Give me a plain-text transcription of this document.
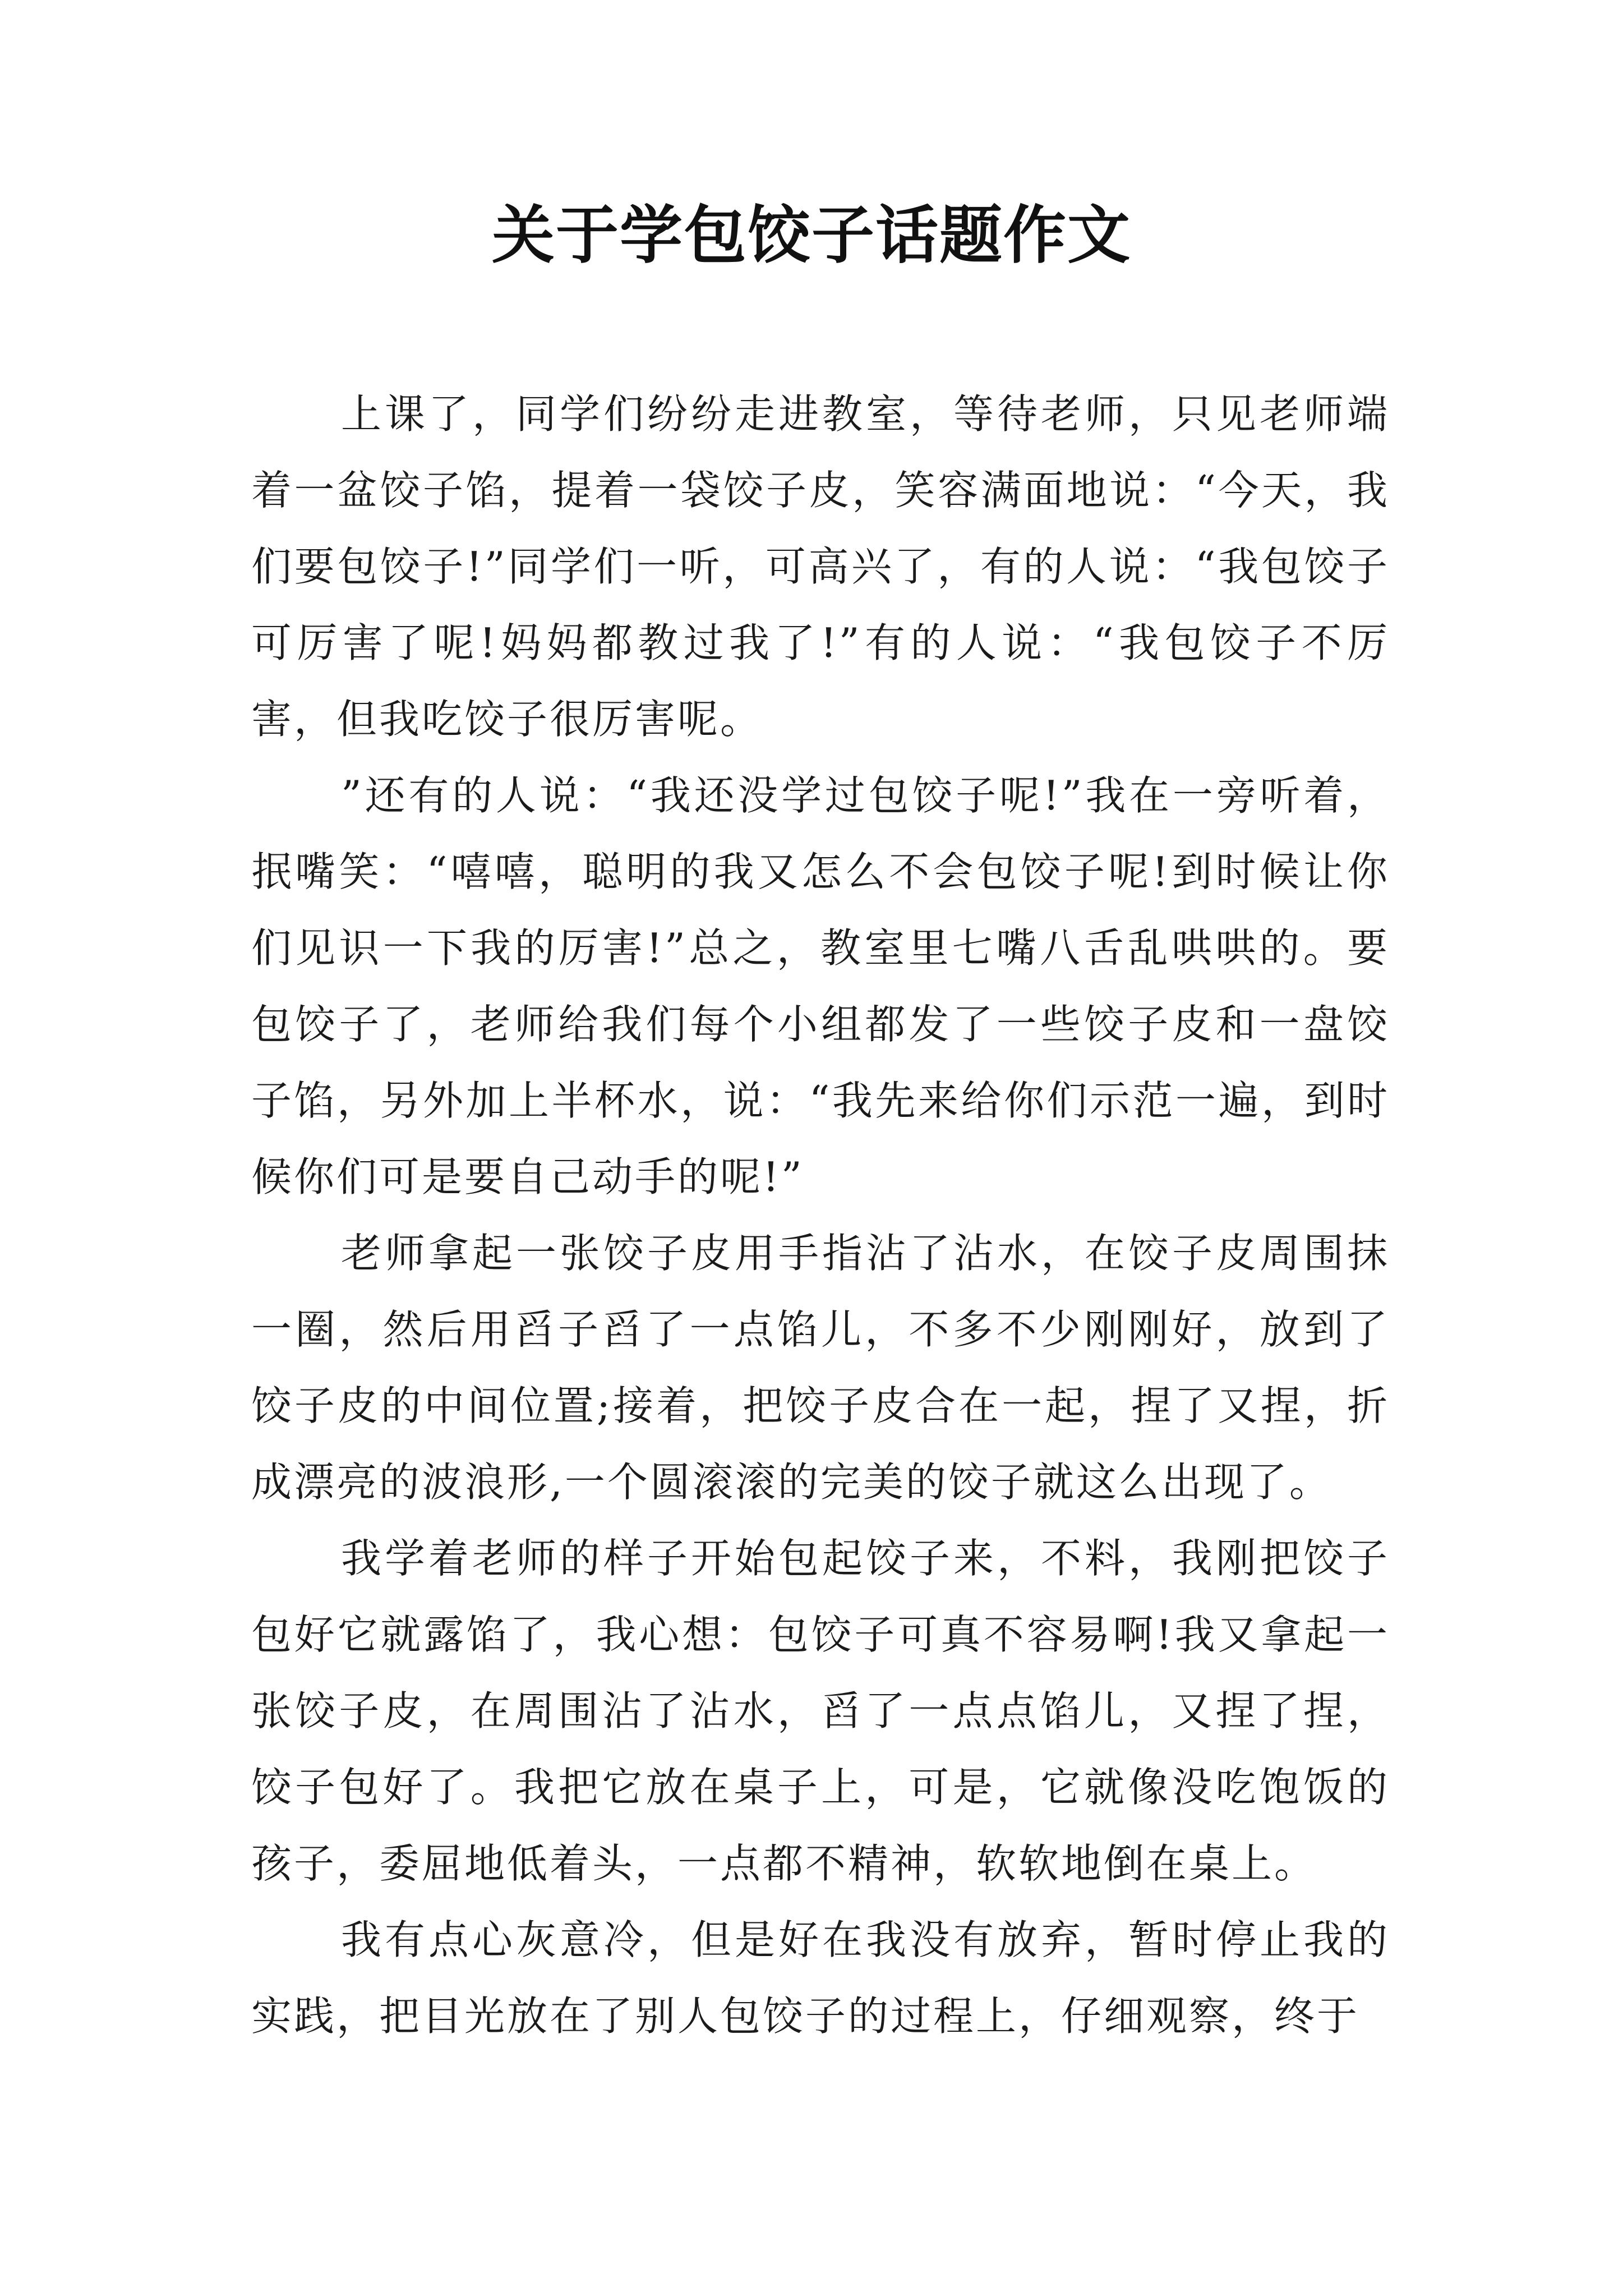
关于学包饺子话题作文

上课了，同学们纷纷走进教室，等待老师，只见老师端着一盆饺子馅，提着一袋饺子皮，笑容满面地说：“今天，我们要包饺子!”同学们一听，可高兴了，有的人说：“我包饺子可厉害了呢!妈妈都教过我了!”有的人说：“我包饺子不厉害，但我吃饺子很厉害呢。

”还有的人说：“我还没学过包饺子呢!”我在一旁听着，抿嘴笑：“嘻嘻，聪明的我又怎么不会包饺子呢!到时候让你们见识一下我的厉害!”总之，教室里七嘴八舌乱哄哄的。要包饺子了，老师给我们每个小组都发了一些饺子皮和一盘饺子馅，另外加上半杯水，说：“我先来给你们示范一遍，到时候你们可是要自己动手的呢!”

老师拿起一张饺子皮用手指沾了沾水，在饺子皮周围抹一圈，然后用舀子舀了一点馅儿，不多不少刚刚好，放到了饺子皮的中间位置;接着，把饺子皮合在一起，捏了又捏，折成漂亮的波浪形,一个圆滚滚的完美的饺子就这么出现了。

我学着老师的样子开始包起饺子来，不料，我刚把饺子包好它就露馅了，我心想：包饺子可真不容易啊!我又拿起一张饺子皮，在周围沾了沾水，舀了一点点馅儿，又捏了捏，饺子包好了。我把它放在桌子上，可是，它就像没吃饱饭的孩子，委屈地低着头，一点都不精神，软软地倒在桌上。

我有点心灰意冷，但是好在我没有放弃，暂时停止我的实践，把目光放在了别人包饺子的过程上，仔细观察，终于
